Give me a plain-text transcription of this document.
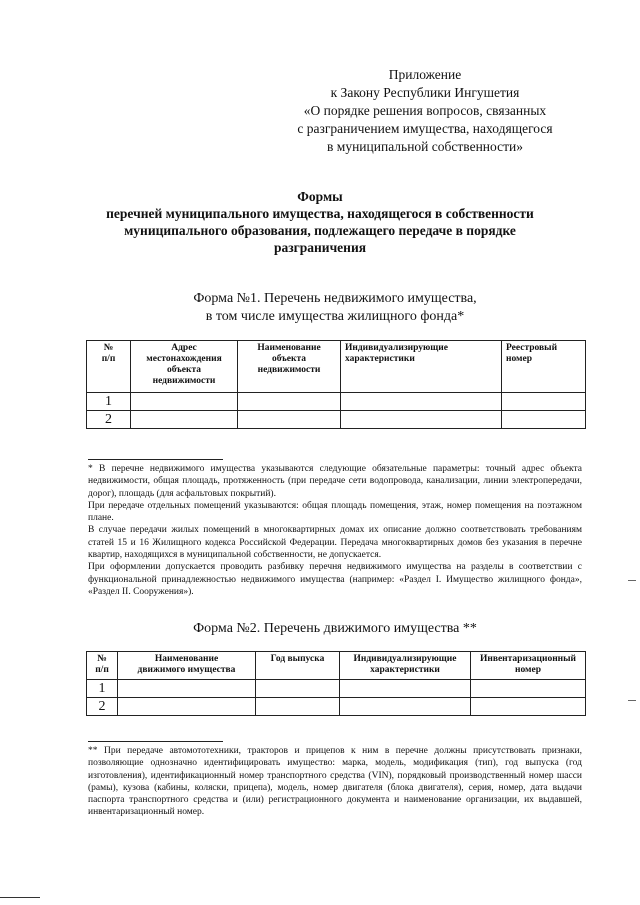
Приложение
к Закону Республики Ингушетия
«О порядке решения вопросов, связанных
с разграничением имущества, находящегося
в муниципальной собственности»
Формы
перечней муниципального имущества, находящегося в собственности
муниципального образования, подлежащего передаче в порядке
разграничения
Форма №1. Перечень недвижимого имущества,
в том числе имущества жилищного фонда*
№
п/п	Адрес
местонахождения
объекта
недвижимости	Наименование
объекта
недвижимости	Индивидуализирующие
характеристики	Реестровый
номер
1				
2				

* В перечне недвижимого имущества указываются следующие обязательные параметры: точный адрес объекта недвижимости, общая площадь, протяженность (при передаче сети водопровода, канализации, линии электропередачи, дорог), площадь (для асфальтовых покрытий).

При передаче отдельных помещений указываются: общая площадь помещения, этаж, номер помещения на поэтажном плане.

В случае передачи жилых помещений в многоквартирных домах их описание должно соответствовать требованиям статей 15 и 16 Жилищного кодекса Российской Федерации. Передача многоквартирных домов без указания в перечне квартир, находящихся в муниципальной собственности, не допускается.

При оформлении допускается проводить разбивку перечня недвижимого имущества на разделы в соответствии с функциональной принадлежностью недвижимого имущества (например: «Раздел I. Имущество жилищного фонда», «Раздел II. Сооружения»).

Форма №2. Перечень движимого имущества **
№
п/п	Наименование
движимого имущества	Год выпуска	Индивидуализирующие
характеристики	Инвентаризационный
номер
1				
2				

** При передаче автомототехники, тракторов и прицепов к ним в перечне должны присутствовать признаки, позволяющие однозначно идентифицировать имущество: марка, модель, модификация (тип), год выпуска (год изготовления), идентификационный номер транспортного средства (VIN), порядковый производственный номер шасси (рамы), кузова (кабины, коляски, прицепа), модель, номер двигателя (блока двигателя), серия, номер, дата выдачи паспорта транспортного средства и (или) регистрационного документа и наименование организации, их выдавшей, инвентаризационный номер.
